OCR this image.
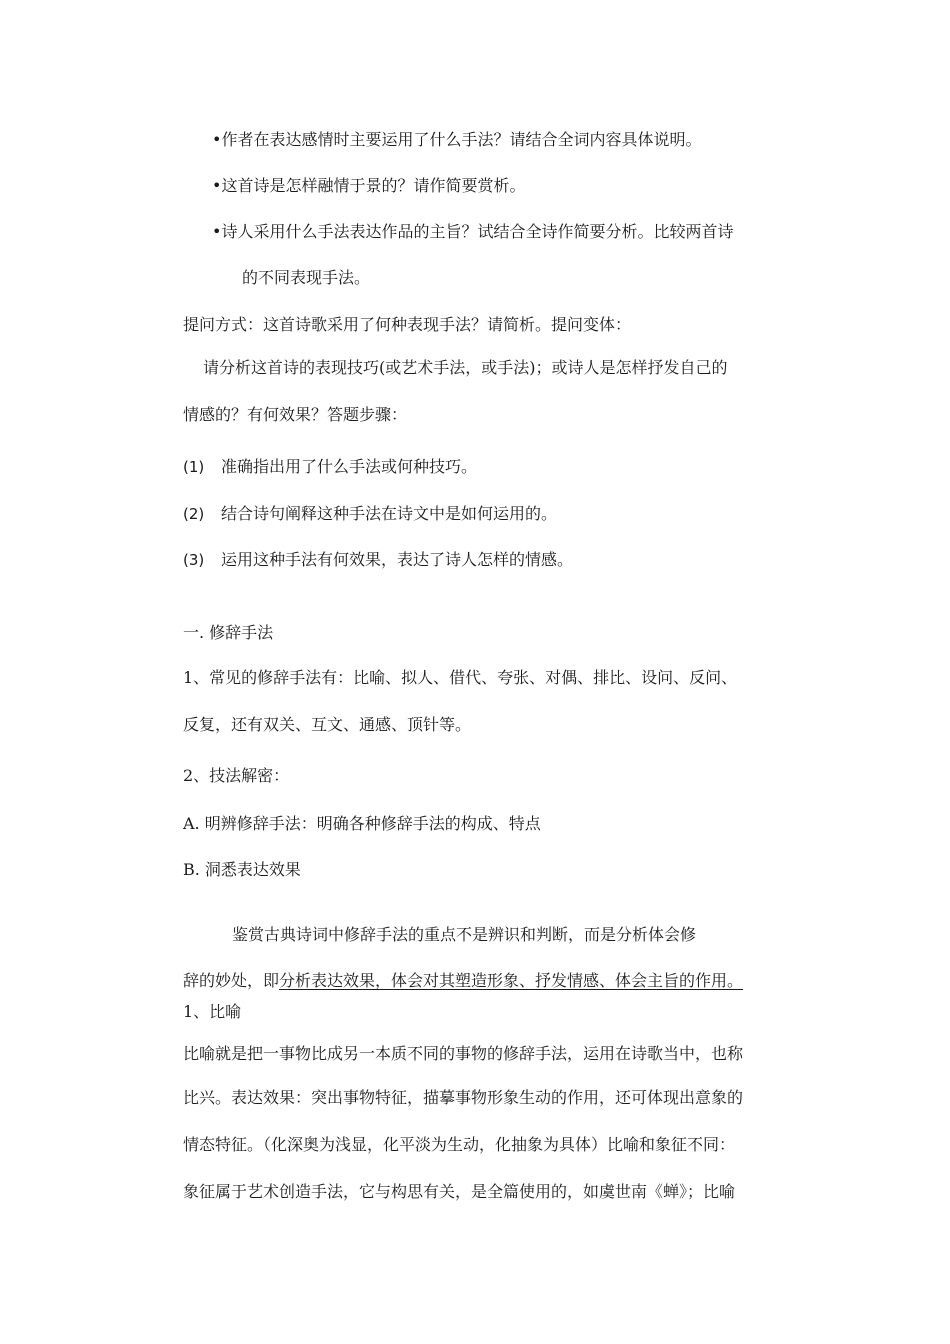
•作者在表达感情时主要运用了什么手法？请结合全词内容具体说明。
•这首诗是怎样融情于景的？请作简要赏析。
•诗人采用什么手法表达作品的主旨？试结合全诗作简要分析。比较两首诗
的不同表现手法。
提问方式：这首诗歌采用了何种表现手法？请简析。提问变体：
请分析这首诗的表现技巧(或艺术手法，或手法)；或诗人是怎样抒发自己的
情感的？有何效果？答题步骤：
(1) 准确指出用了什么手法或何种技巧。
(2) 结合诗句阐释这种手法在诗文中是如何运用的。
(3) 运用这种手法有何效果，表达了诗人怎样的情感。
一. 修辞手法
1、常见的修辞手法有：比喻、拟人、借代、夸张、对偶、排比、设问、反问、
反复，还有双关、互文、通感、顶针等。
2、技法解密：
A. 明辨修辞手法：明确各种修辞手法的构成、特点
B. 洞悉表达效果
鉴赏古典诗词中修辞手法的重点不是辨识和判断，而是分析体会修
辞的妙处，即分析表达效果，体会对其塑造形象、抒发情感、体会主旨的作用。
1、比喻
比喻就是把一事物比成另一本质不同的事物的修辞手法，运用在诗歌当中，也称
比兴。表达效果：突出事物特征，描摹事物形象生动的作用，还可体现出意象的
情态特征。（化深奥为浅显，化平淡为生动，化抽象为具体）比喻和象征不同：
象征属于艺术创造手法，它与构思有关，是全篇使用的，如虞世南《蝉》；比喻
